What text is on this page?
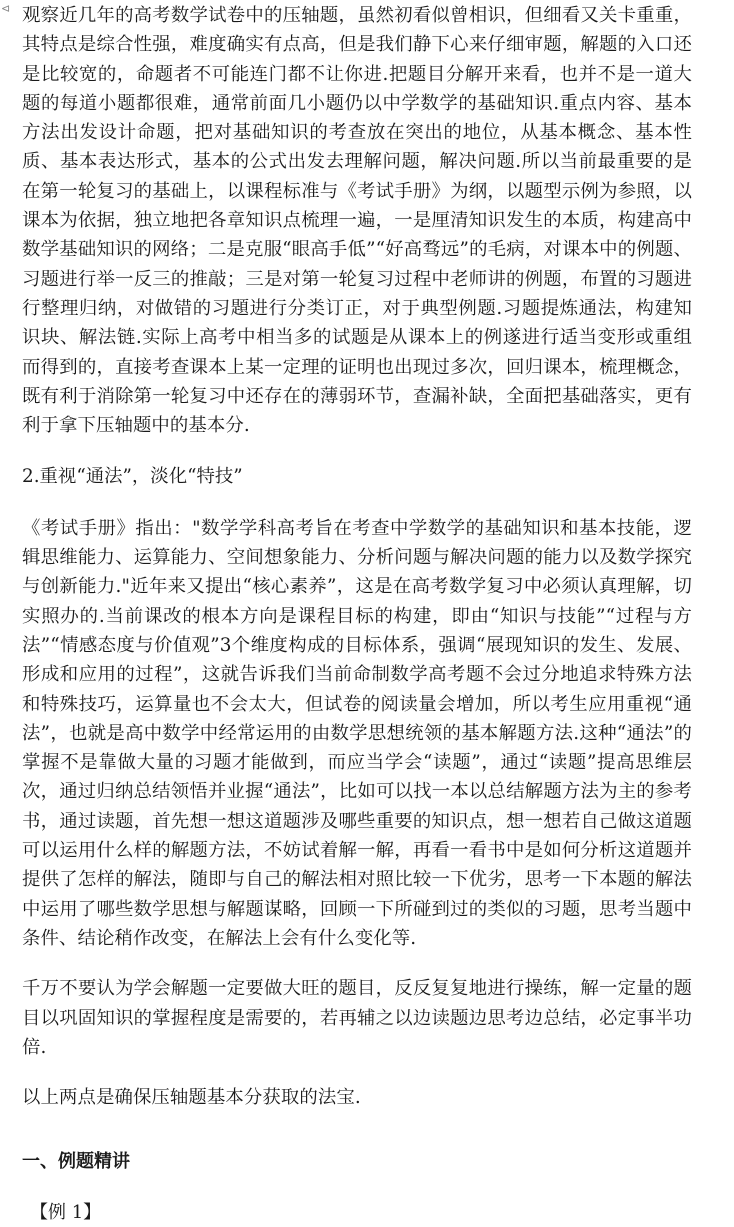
⊲ 观察近几年的高考数学试卷中的压轴题，虽然初看似曾相识，但细看又关卡重重，其特点是综合性强，难度确实有点高，但是我们静下心来仔细审题，解题的入口还是比较宽的，命题者不可能连门都不让你进.把题目分解开来看，也并不是一道大题的每道小题都很难，通常前面几小题仍以中学数学的基础知识.重点内容、基本方法出发设计命题，把对基础知识的考查放在突出的地位，从基本概念、基本性质、基本表达形式，基本的公式出发去理解问题，解决问题.所以当前最重要的是在第一轮复习的基础上，以课程标准与《考试手册》为纲，以题型示例为参照，以课本为依据，独立地把各章知识点梳理一遍，一是厘清知识发生的本质，构建高中数学基础知识的网络；二是克服“眼高手低”“好高骛远”的毛病，对课本中的例题、习题进行举一反三的推敲；三是对第一轮复习过程中老师讲的例题，布置的习题进行整理归纳，对做错的习題进行分类订正，对于典型例题.习题提炼通法，构建知识块、解法链.实际上高考中相当多的试题是从课本上的例遂进行适当变形或重组而得到的，直接考查课本上某一定理的证明也出现过多次，回归课本，梳理概念，既有利于消除第一轮复习中还存在的薄弱环节，查漏补缺，全面把基础落实，更有利于拿下压轴题中的基本分.

2.重视“通法”，淡化“特技”

《考试手册》指出："数学学科高考旨在考查中学数学的基础知识和基本技能，逻辑思维能力、运算能力、空间想象能力、分析问题与解决问题的能力以及数学探究与创新能力."近年来又提出“核心素养”，这是在高考数学复习中必须认真理解，切实照办的.当前课改的根本方向是课程目标的构建，即由“知识与技能”“过程与方法”“情感态度与价值观”3个维度构成的目标体系，强调“展现知识的发生、发展、形成和应用的过程”，这就告诉我们当前命制数学高考题不会过分地追求特殊方法和特殊技巧，运算量也不会太大，但试卷的阅读量会增加，所以考生应用重视“通法”，也就是高中数学中经常运用的由数学思想统领的基本解题方法.这种“通法”的掌握不是靠做大量的习题才能做到，而应当学会“读题”，通过“读题”提高思维层次，通过归纳总结领悟并业握“通法”，比如可以找一本以总结解题方法为主的参考书，通过读题，首先想一想这道题涉及哪些重要的知识点，想一想若自己做这道题可以运用什么样的解题方法，不妨试着解一解，再看一看书中是如何分析这道题并提供了怎样的解法，随即与自己的解法相对照比较一下优劣，思考一下本题的解法中运用了哪些数学思想与解题谋略，回顾一下所碰到过的类似的习题，思考当题中条件、结论稍作改变，在解法上会有什么变化等.

千万不要认为学会解题一定要做大旺的题目，反反复复地进行操练，解一定量的题目以巩固知识的掌握程度是需要的，若再辅之以边读题边思考边总结，必定事半功倍.

以上两点是确保压轴题基本分获取的法宝.

一、例题精讲

【例 1】
